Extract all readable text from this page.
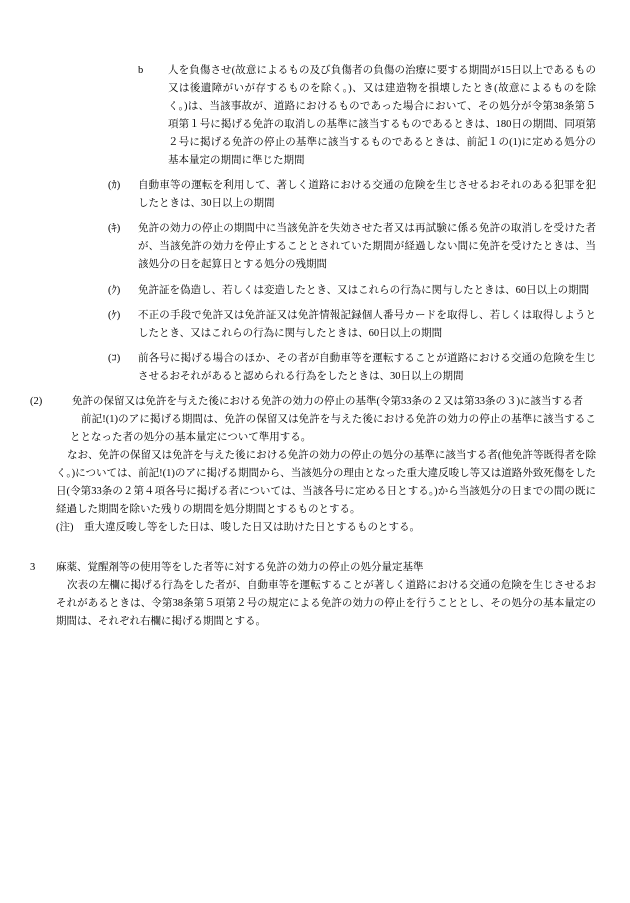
b	人を負傷させ(故意によるもの及び負傷者の負傷の治療に要する期間が15日以上であるもの又は後遺障がいが存するものを除く。)、又は建造物を損壊したとき(故意によるものを除く。)は、当該事故が、道路におけるものであった場合において、その処分が令第38条第５項第１号に掲げる免許の取消しの基準に該当するものであるときは、180日の期間、同項第２号に掲げる免許の停止の基準に該当するものであるときは、前記１の(1)に定める処分の基本量定の期間に準じた期間
(ｶ)	自動車等の運転を利用して、著しく道路における交通の危険を生じさせるおそれのある犯罪を犯したときは、30日以上の期間
(ｷ)	免許の効力の停止の期間中に当該免許を失効させた者又は再試験に係る免許の取消しを受けた者が、当該免許の効力を停止することとされていた期間が経過しない間に免許を受けたときは、当該処分の日を起算日とする処分の残期間
(ｸ)	免許証を偽造し、若しくは変造したとき、又はこれらの行為に関与したときは、60日以上の期間
(ｹ)	不正の手段で免許又は免許証又は免許情報記録個人番号カードを取得し、若しくは取得しようとしたとき、又はこれらの行為に関与したときは、60日以上の期間
(ｺ)	前各号に掲げる場合のほか、その者が自動車等を運転することが道路における交通の危険を生じさせるおそれがあると認められる行為をしたときは、30日以上の期間
(2)	免許の保留又は免許を与えた後における免許の効力の停止の基準(令第33条の２又は第33条の３)に該当する者
前記!(1)のアに掲げる期間は、免許の保留又は免許を与えた後における免許の効力の停止の基準に該当することとなった者の処分の基本量定について準用する。
なお、免許の保留又は免許を与えた後における免許の効力の停止の処分の基準に該当する者(他免許等既得者を除く。)については、前記!(1)のアに掲げる期間から、当該処分の理由となった重大違反唆し等又は道路外致死傷をした日(令第33条の２第４項各号に掲げる者については、当該各号に定める日とする。)から当該処分の日までの間の既に経過した期間を除いた残りの期間を処分期間とするものとする。
(注)　重大違反唆し等をした日は、唆した日又は助けた日とするものとする。
3	麻薬、覚醒剤等の使用等をした者等に対する免許の効力の停止の処分量定基準
次表の左欄に掲げる行為をした者が、自動車等を運転することが著しく道路における交通の危険を生じさせるおそれがあるときは、令第38条第５項第２号の規定による免許の効力の停止を行うこととし、その処分の基本量定の期間は、それぞれ右欄に掲げる期間とする。
